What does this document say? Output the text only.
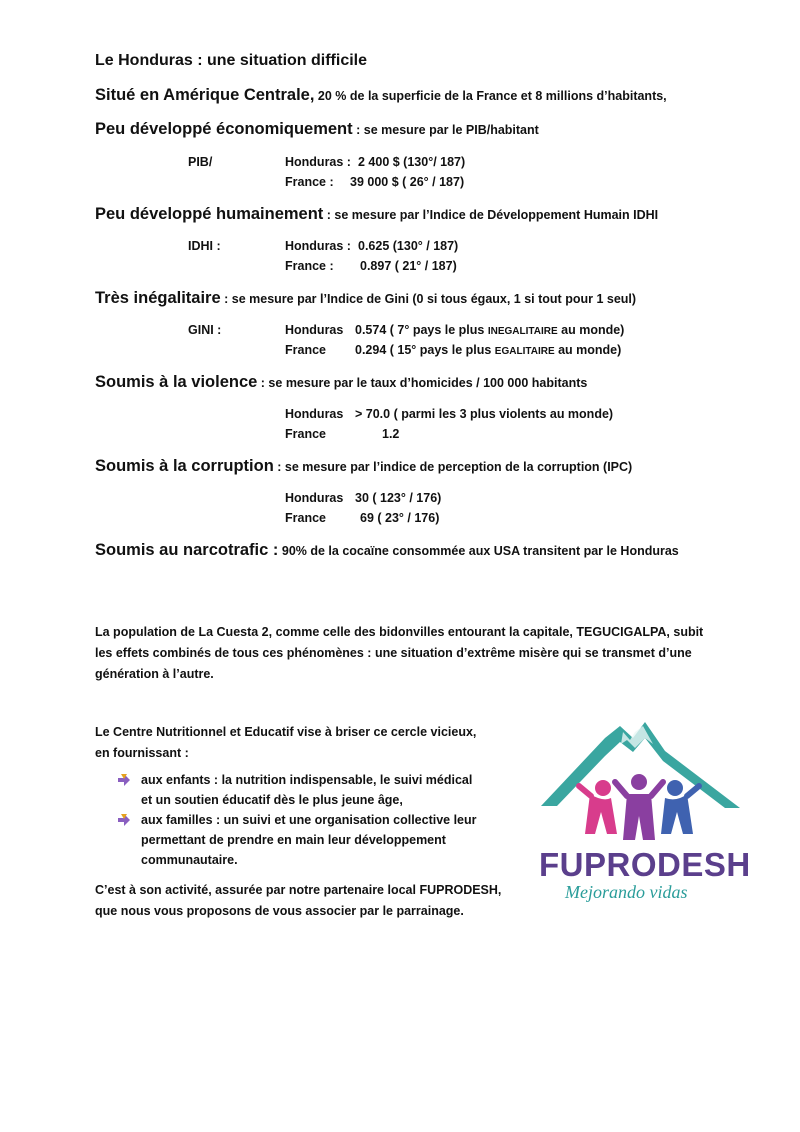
Le Honduras : une situation difficile
Situé en Amérique Centrale, 20 % de la superficie de la France et 8 millions d’habitants,
Peu développé économiquement : se mesure par le PIB/habitant
PIB/	Honduras : 2 400 $ (130°/ 187)
France : 39 000 $ ( 26° / 187)
Peu développé humainement : se mesure par l’Indice de Développement Humain IDHI
IDHI :	Honduras : 0.625 (130° / 187)
France : 0.897 ( 21° / 187)
Très inégalitaire : se mesure par l’Indice de Gini (0 si tous égaux, 1 si tout pour 1 seul)
GINI :	Honduras 0.574 ( 7° pays le plus INEGALITAIRE au monde)
France 0.294 ( 15° pays le plus EGALITAIRE au monde)
Soumis à la violence : se mesure par le taux d’homicides / 100 000 habitants
Honduras > 70.0 ( parmi les 3 plus violents au monde)
France	1.2
Soumis à la corruption : se mesure par l’indice de perception de la corruption (IPC)
Honduras 30 ( 123° / 176)
France	69 ( 23° / 176)
Soumis au narcotrafic : 90% de la cocaïne consommée aux USA transitent par le Honduras
La population de La Cuesta 2, comme celle des bidonvilles entourant la capitale, TEGUCIGALPA, subit
les effets combinés de tous ces phénomènes : une situation d’extrême misère qui se transmet d’une
génération à l’autre.
Le Centre Nutritionnel et Educatif vise à briser ce cercle vicieux,
en fournissant :
aux enfants : la nutrition indispensable, le suivi médical
et un soutien éducatif dès le plus jeune âge,
aux familles : un suivi et une organisation collective leur
permettant de prendre en main leur développement
communautaire.
C’est à son activité, assurée par notre partenaire local FUPRODESH,
que nous vous proposons de vous associer par le parrainage.
FUPRODESH
Mejorando vidas
